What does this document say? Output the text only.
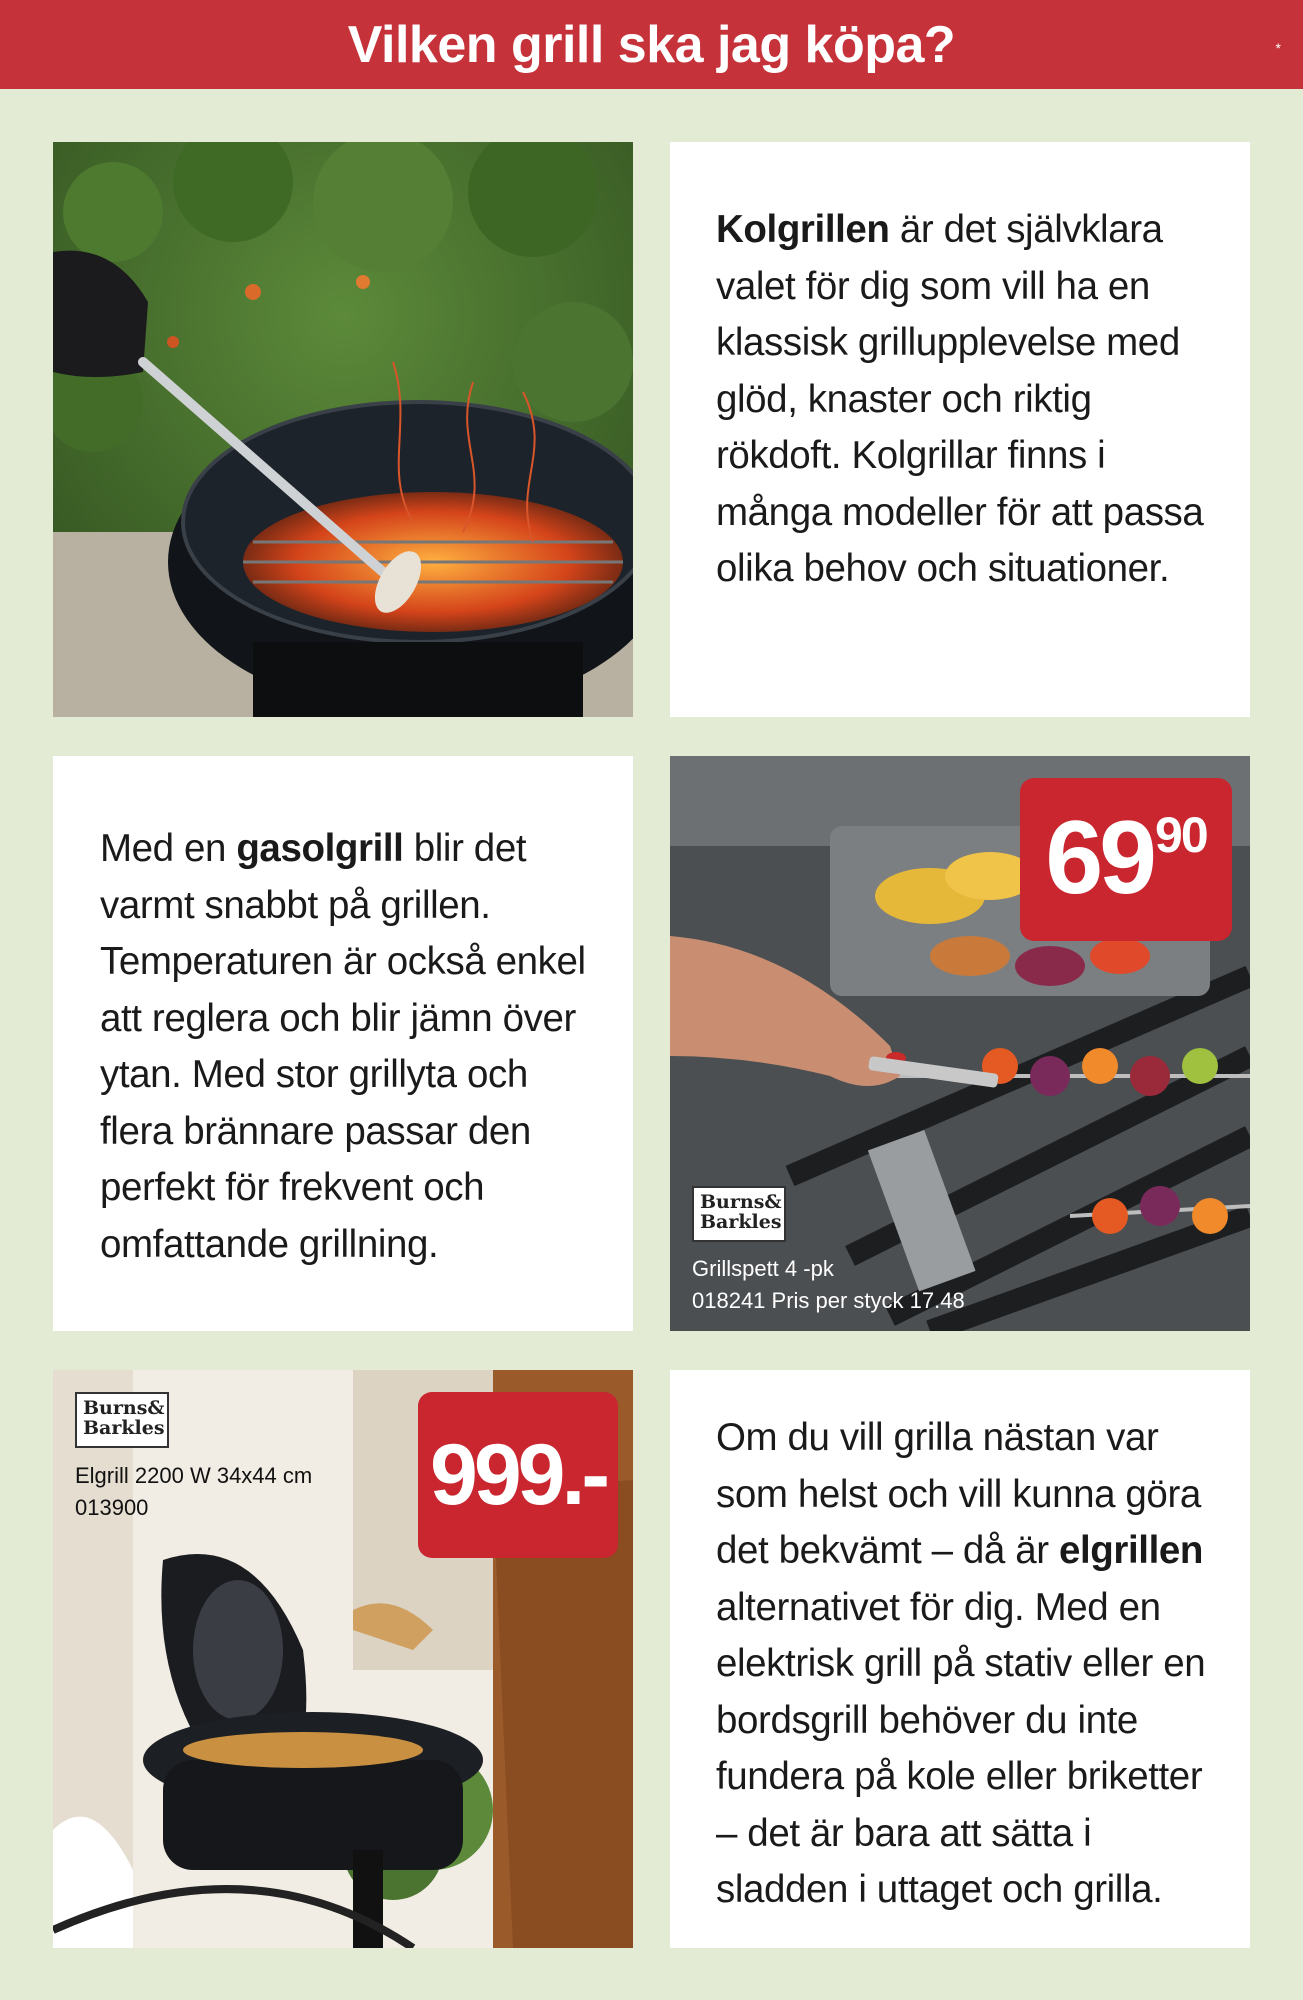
Vilken grill ska jag köpa?	*
Kolgrillen är det självklara valet för dig som vill ha en klassisk grillupplevelse med glöd, knaster och riktig rökdoft. Kolgrillar finns i många modeller för att passa olika behov och situationer.
Med en gasolgrill blir det varmt snabbt på grillen. Temperaturen är också enkel att reglera och blir jämn över ytan. Med stor grillyta och flera brännare passar den perfekt för frekvent och omfattande grillning.
69 90
Burns&
Barkles
Grillspett 4 -pk
018241 Pris per styck 17.48
Burns&
Barkles
Elgrill 2200 W 34x44 cm
013900	999.-	Om du vill grilla nästan var som helst och vill kunna göra det bekvämt – då är elgrillen alternativet för dig. Med en elektrisk grill på stativ eller en bordsgrill behöver du inte fundera på kole eller briketter – det är bara att sätta i sladden i uttaget och grilla.
